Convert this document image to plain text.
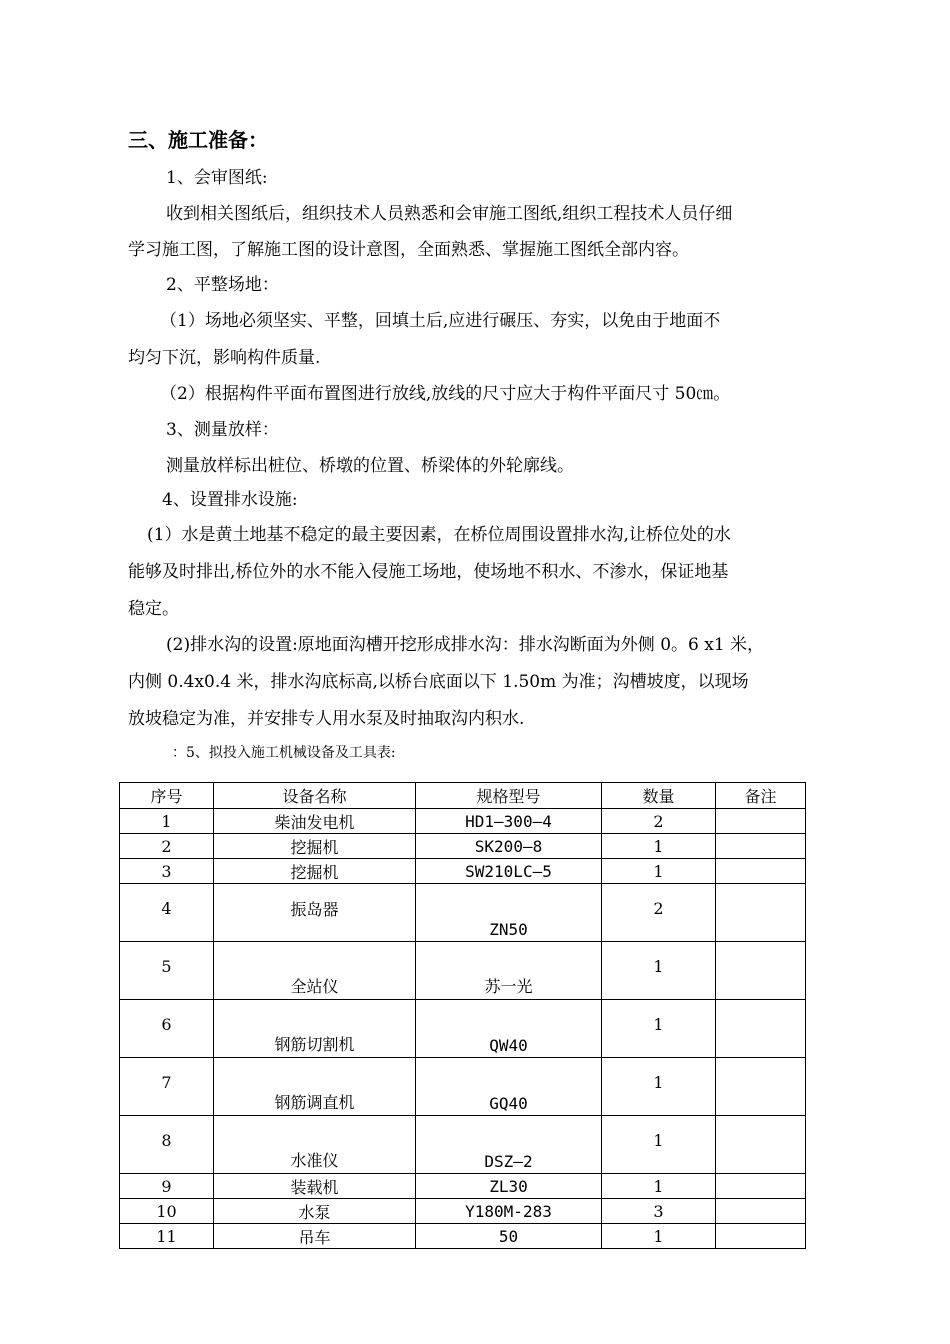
三、施工准备：
1、会审图纸:
收到相关图纸后，组织技术人员熟悉和会审施工图纸,组织工程技术人员仔细
学习施工图，了解施工图的设计意图，全面熟悉、掌握施工图纸全部内容。
2、平整场地：
（1）场地必须坚实、平整，回填土后,应进行碾压、夯实，以免由于地面不
均匀下沉，影响构件质量.
（2）根据构件平面布置图进行放线,放线的尺寸应大于构件平面尺寸 50㎝。
3、测量放样：
测量放样标出桩位、桥墩的位置、桥梁体的外轮廓线。
4、设置排水设施:
(1）水是黄土地基不稳定的最主要因素，在桥位周围设置排水沟,让桥位处的水
能够及时排出,桥位外的水不能入侵施工场地，使场地不积水、不渗水，保证地基
稳定。
(2)排水沟的设置:原地面沟槽开挖形成排水沟：排水沟断面为外侧 0。6 x1 米，
内侧 0.4x0.4 米，排水沟底标高,以桥台底面以下 1.50m 为准；沟槽坡度，以现场
放坡稳定为准，并安排专人用水泵及时抽取沟内积水.
：5、拟投入施工机械设备及工具表:
序号	设备名称	规格型号	数量	备注
1	柴油发电机	HD1—300—4	2	
2	挖掘机	SK200—8	1	
3	挖掘机	SW210LC—5	1	
4	振岛器	ZN50	2	
5	全站仪	苏一光	1	
6	钢筋切割机	QW40	1	
7	钢筋调直机	GQ40	1	
8	水准仪	DSZ—2	1	
9	装载机	ZL30	1	
10	水泵	Y180M-283	3	
11	吊车	50	1	
